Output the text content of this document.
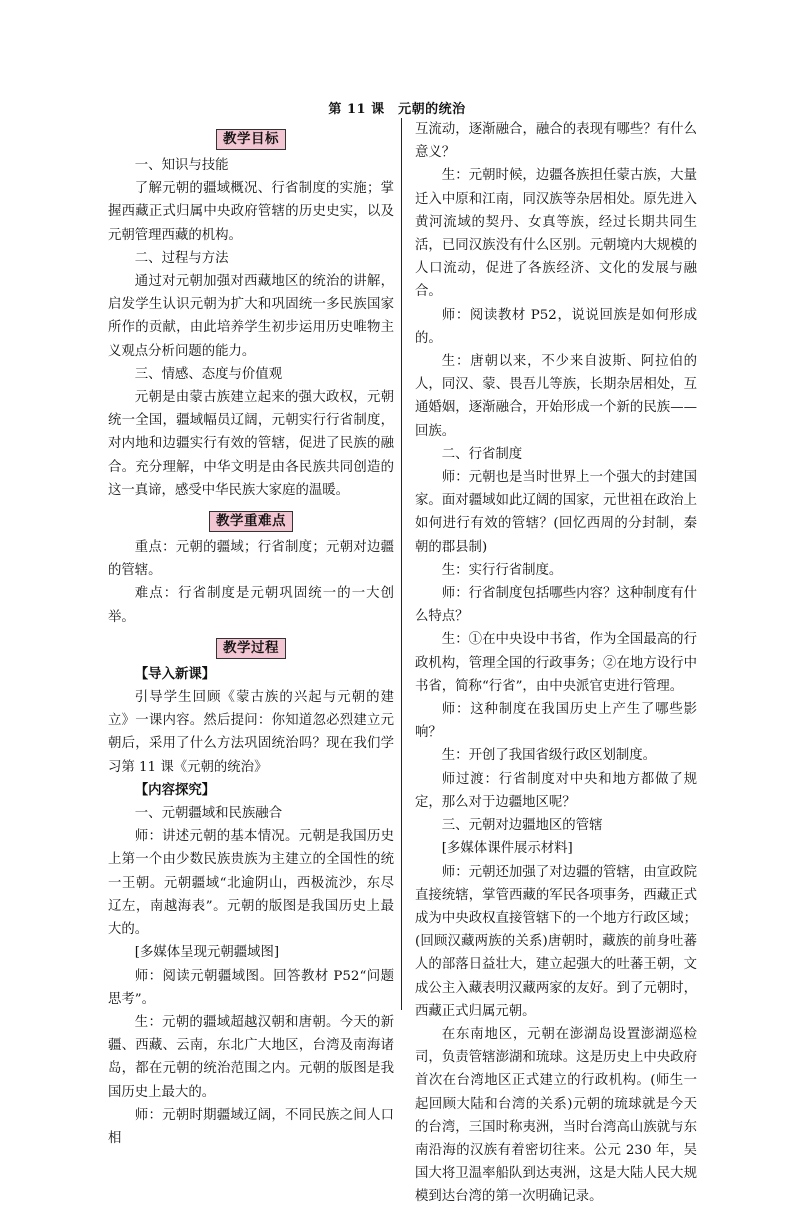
第 11 课　元朝的统治
教学目标

一、知识与技能

了解元朝的疆域概况、行省制度的实施；掌握西藏正式归属中央政府管辖的历史史实，以及元朝管理西藏的机构。

二、过程与方法

通过对元朝加强对西藏地区的统治的讲解，启发学生认识元朝为扩大和巩固统一多民族国家所作的贡献，由此培养学生初步运用历史唯物主义观点分析问题的能力。

三、情感、态度与价值观

元朝是由蒙古族建立起来的强大政权，元朝统一全国，疆域幅员辽阔，元朝实行行省制度，对内地和边疆实行有效的管辖，促进了民族的融合。充分理解，中华文明是由各民族共同创造的这一真谛，感受中华民族大家庭的温暖。

教学重难点

重点：元朝的疆域；行省制度；元朝对边疆的管辖。

难点：行省制度是元朝巩固统一的一大创举。

教学过程

【导入新课】

引导学生回顾《蒙古族的兴起与元朝的建立》一课内容。然后提问：你知道忽必烈建立元朝后，采用了什么方法巩固统治吗？现在我们学习第 11 课《元朝的统治》

【内容探究】

一、元朝疆域和民族融合

师：讲述元朝的基本情况。元朝是我国历史上第一个由少数民族贵族为主建立的全国性的统一王朝。元朝疆域“北逾阴山，西极流沙，东尽辽左，南越海表”。元朝的版图是我国历史上最大的。

[多媒体呈现元朝疆域图]

师：阅读元朝疆域图。回答教材 P52“问题思考”。

生：元朝的疆域超越汉朝和唐朝。今天的新疆、西藏、云南，东北广大地区，台湾及南海诸岛，都在元朝的统治范围之内。元朝的版图是我国历史上最大的。

师：元朝时期疆域辽阔，不同民族之间人口相

互流动，逐渐融合，融合的表现有哪些？有什么意义？

生：元朝时候，边疆各族担任蒙古族，大量迁入中原和江南，同汉族等杂居相处。原先进入黄河流域的契丹、女真等族，经过长期共同生活，已同汉族没有什么区别。元朝境内大规模的人口流动，促进了各族经济、文化的发展与融合。

师：阅读教材 P52，说说回族是如何形成的。

生：唐朝以来，不少来自波斯、阿拉伯的人，同汉、蒙、畏吾儿等族，长期杂居相处，互通婚姻，逐渐融合，开始形成一个新的民族——回族。

二、行省制度

师：元朝也是当时世界上一个强大的封建国家。面对疆域如此辽阔的国家，元世祖在政治上如何进行有效的管辖？(回忆西周的分封制，秦朝的郡县制)

生：实行行省制度。

师：行省制度包括哪些内容？这种制度有什么特点？

生：①在中央设中书省，作为全国最高的行政机构，管理全国的行政事务；②在地方设行中书省，简称“行省”，由中央派官吏进行管理。

师：这种制度在我国历史上产生了哪些影响？

生：开创了我国省级行政区划制度。

师过渡：行省制度对中央和地方都做了规定，那么对于边疆地区呢？

三、元朝对边疆地区的管辖

[多媒体课件展示材料]

师：元朝还加强了对边疆的管辖，由宣政院直接统辖，掌管西藏的军民各项事务，西藏正式成为中央政权直接管辖下的一个地方行政区域；(回顾汉藏两族的关系)唐朝时，藏族的前身吐蕃人的部落日益壮大，建立起强大的吐蕃王朝，文成公主入藏表明汉藏两家的友好。到了元朝时，西藏正式归属元朝。

在东南地区，元朝在澎湖岛设置澎湖巡检司，负责管辖澎湖和琉球。这是历史上中央政府首次在台湾地区正式建立的行政机构。(师生一起回顾大陆和台湾的关系)元朝的琉球就是今天的台湾，三国时称夷洲，当时台湾高山族就与东南沿海的汉族有着密切往来。公元 230 年，吴国大将卫温率船队到达夷洲，这是大陆人民大规模到达台湾的第一次明确记录。
